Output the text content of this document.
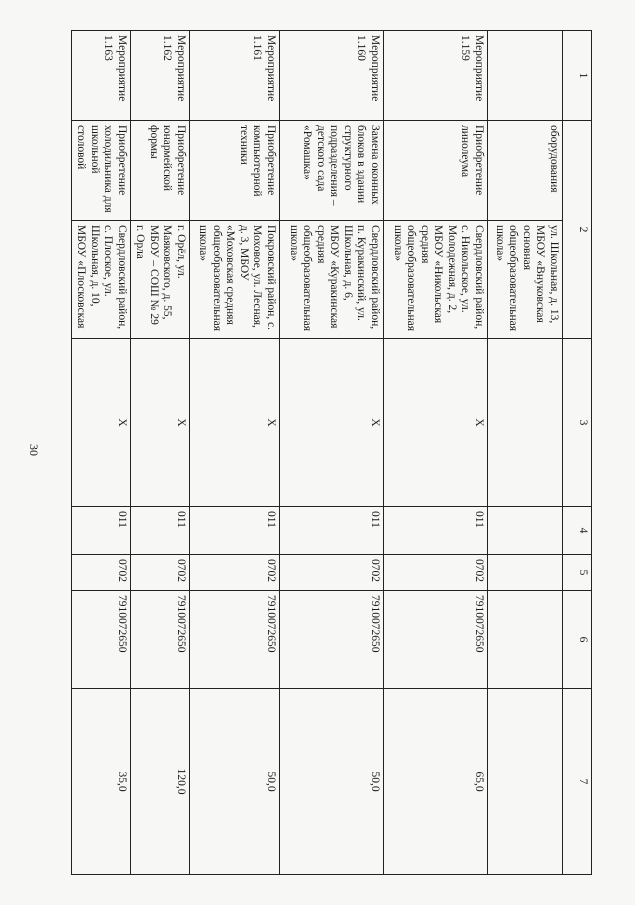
30
1	2		3	4	5	6	7
	оборудования	ул. Школьная, д. 13, МБОУ «Внуковская основная общеобразовательная школа»					
Мероприятие 1.159	Приобретение линолеума	Свердловский район, с. Никольское, ул. Молодежная, д. 2, МБОУ «Никольская средняя общеобразовательная школа»	Х	011	0702	7910072650	65,0
Мероприятие 1.160	Замена оконных блоков в здании структурного подразделения – детского сада «Ромашка»	Свердловский район, п. Куракинский, ул. Школьная, д. 6, МБОУ «Куракинская средняя общеобразовательная школа»	Х	011	0702	7910072650	50,0
Мероприятие 1.161	Приобретение компьютерной техники	Покровский район, с. Моховое, ул. Лесная, д. 3, МБОУ «Моховская средняя общеобразовательная школа»	Х	011	0702	7910072650	50,0
Мероприятие 1.162	Приобретение юнармейской формы	г. Орёл, ул. Маяковского, д. 55, МБОУ – СОШ № 29 г. Орла	Х	011	0702	7910072650	120,0
Мероприятие 1.163	Приобретение холодильника для школьной столовой	Свердловский район, с. Плоское, ул. Школьная, д. 10, МБОУ «Плосковская	Х	011	0702	7910072650	35,0
